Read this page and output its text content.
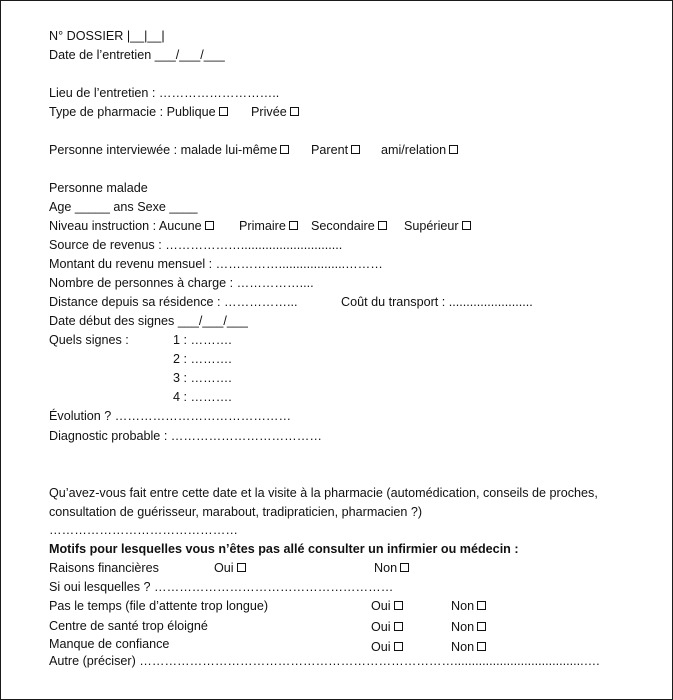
N° DOSSIER |__|__|
Date de l’entretien ___/___/___
Lieu de l’entretien : ………………………..
Type de pharmacie : Publique	Privée
Personne interviewée : malade lui-même	Parent	ami/relation
Personne malade
Age _____ ans Sexe ____
Niveau instruction : Aucune	Primaire	Secondaire	Supérieur
Source de revenus : ……………….............................
Montant du revenu mensuel : ……………...................………
Nombre de personnes à charge : ……………....
Distance depuis sa résidence : ……………...	Coût du transport : ........................
Date début des signes ___/___/___
Quels signes :	1 : ……….
2 : ……….
3 : ……….
4 : ……….
Évolution ? ……………………………………
Diagnostic probable : ………………………………
Qu’avez-vous fait entre cette date et la visite à la pharmacie (automédication, conseils de proches,
consultation de guérisseur, marabout, tradipraticien, pharmacien ?)
………………………………………
Motifs pour lesquelles vous n’êtes pas allé consulter un infirmier ou médecin :
Raisons financières	Oui	Non
Si oui lesquelles ? …………………………………………………
Pas le temps (file d’attente trop longue)	Oui	Non
Centre de santé trop éloigné	Oui	Non
Manque de confiance	Oui	Non
Autre (préciser) ………………………………………………………………….....................................….
